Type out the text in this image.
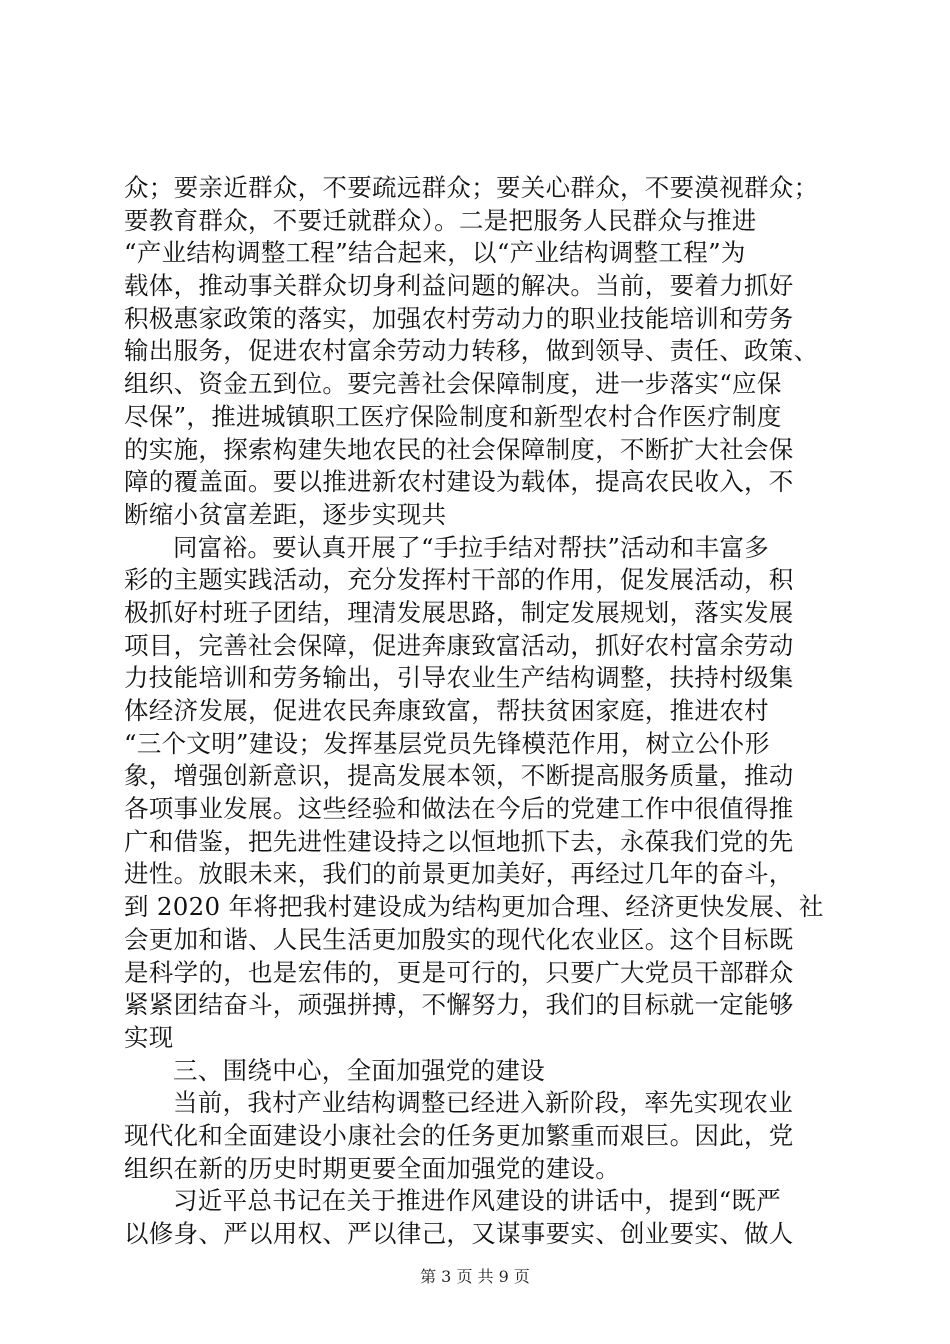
众；要亲近群众，不要疏远群众；要关心群众，不要漠视群众；
要教育群众，不要迁就群众）。二是把服务人民群众与推进
“产业结构调整工程”结合起来，以“产业结构调整工程”为
载体，推动事关群众切身利益问题的解决。当前，要着力抓好
积极惠家政策的落实，加强农村劳动力的职业技能培训和劳务
输出服务，促进农村富余劳动力转移，做到领导、责任、政策、
组织、资金五到位。要完善社会保障制度，进一步落实“应保
尽保”，推进城镇职工医疗保险制度和新型农村合作医疗制度
的实施，探索构建失地农民的社会保障制度，不断扩大社会保
障的覆盖面。要以推进新农村建设为载体，提高农民收入，不
断缩小贫富差距，逐步实现共
同富裕。要认真开展了“手拉手结对帮扶”活动和丰富多
彩的主题实践活动，充分发挥村干部的作用，促发展活动，积
极抓好村班子团结，理清发展思路，制定发展规划，落实发展
项目，完善社会保障，促进奔康致富活动，抓好农村富余劳动
力技能培训和劳务输出，引导农业生产结构调整，扶持村级集
体经济发展，促进农民奔康致富，帮扶贫困家庭，推进农村
“三个文明”建设；发挥基层党员先锋模范作用，树立公仆形
象，增强创新意识，提高发展本领，不断提高服务质量，推动
各项事业发展。这些经验和做法在今后的党建工作中很值得推
广和借鉴，把先进性建设持之以恒地抓下去，永葆我们党的先
进性。放眼未来，我们的前景更加美好，再经过几年的奋斗，
到 2020 年将把我村建设成为结构更加合理、经济更快发展、社
会更加和谐、人民生活更加殷实的现代化农业区。这个目标既
是科学的，也是宏伟的，更是可行的，只要广大党员干部群众
紧紧团结奋斗，顽强拼搏，不懈努力，我们的目标就一定能够
实现
三、围绕中心，全面加强党的建设
当前，我村产业结构调整已经进入新阶段，率先实现农业
现代化和全面建设小康社会的任务更加繁重而艰巨。因此，党
组织在新的历史时期更要全面加强党的建设。
习近平总书记在关于推进作风建设的讲话中，提到“既严
以修身、严以用权、严以律己，又谋事要实、创业要实、做人
第 3 页 共 9 页
